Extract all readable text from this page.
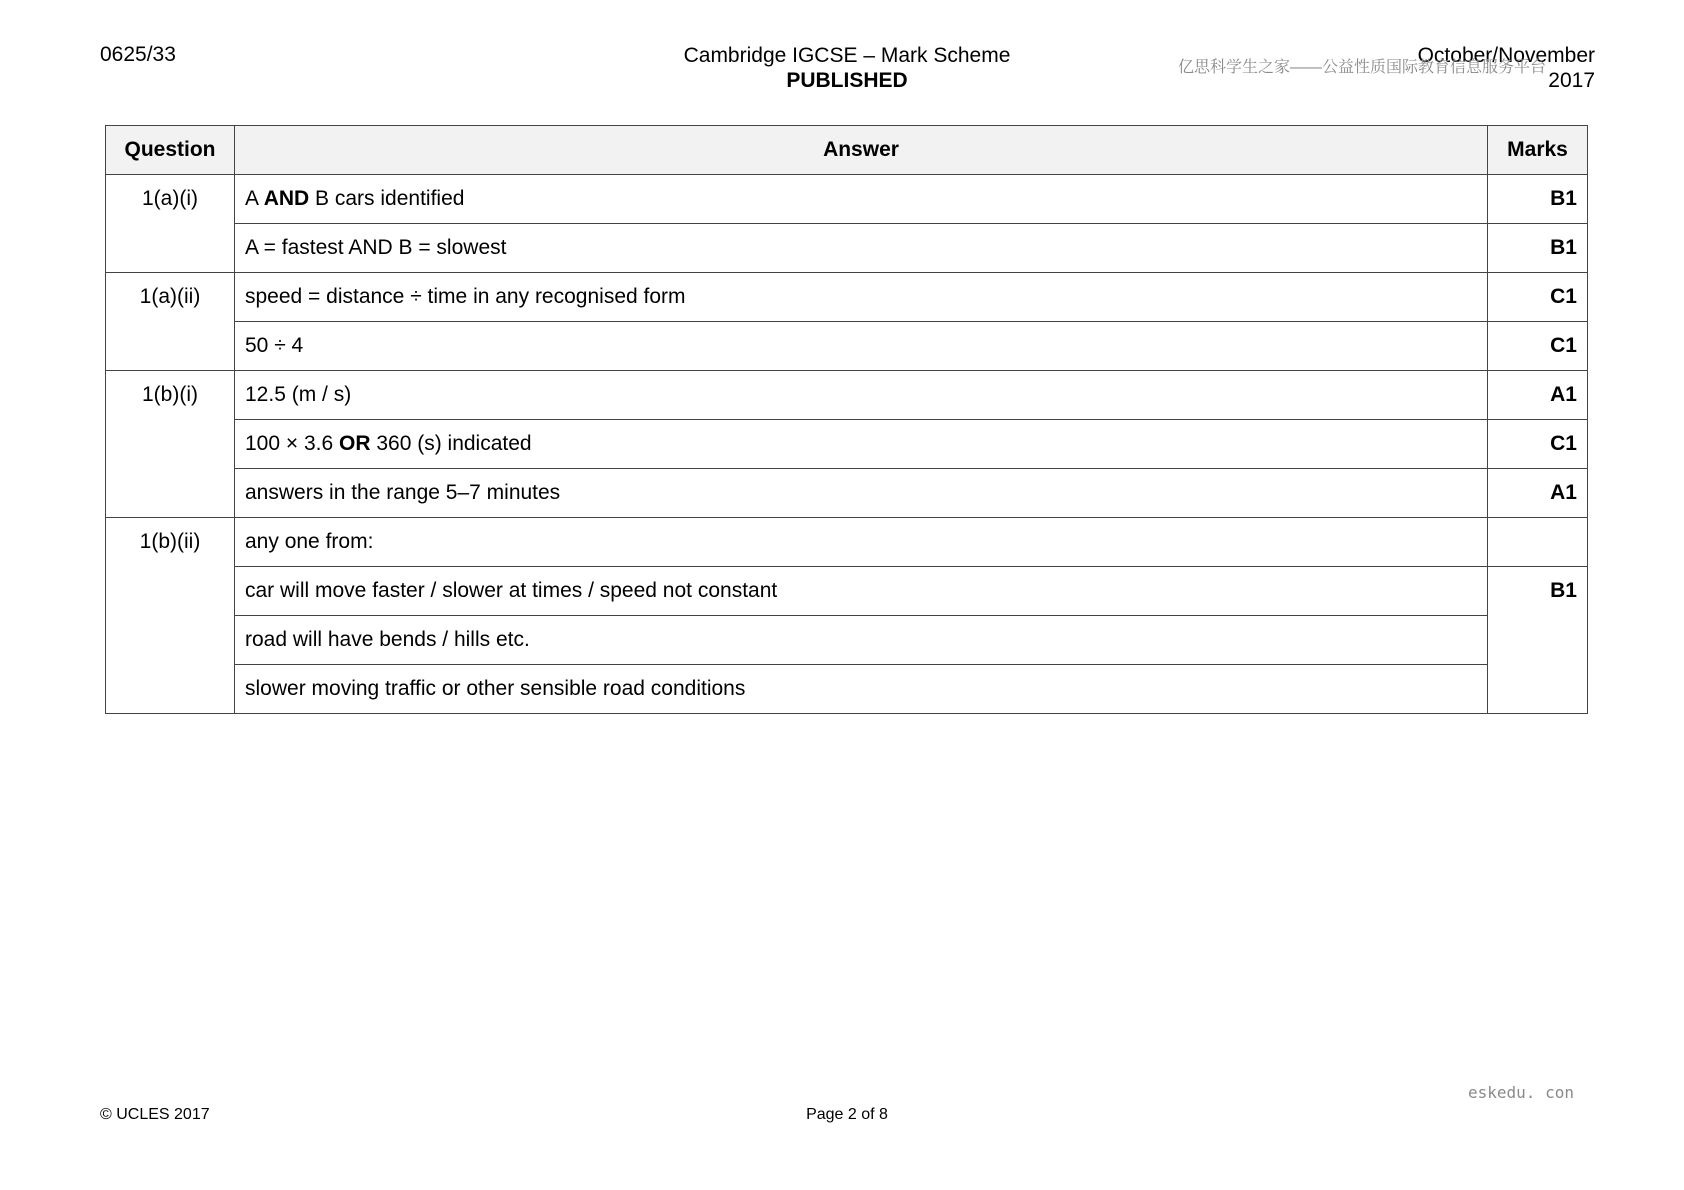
0625/33	Cambridge IGCSE – Mark Scheme
PUBLISHED
October/November
2017
亿思科学生之家——公益性质国际教育信息服务平台
Question	Answer	Marks
1(a)(i)	A AND B cars identified	B1
	A = fastest AND B = slowest	B1
1(a)(ii)	speed = distance ÷ time in any recognised form	C1
	50 ÷ 4	C1
1(b)(i)	12.5 (m / s)	A1
	100 × 3.6 OR 360 (s) indicated	C1
	answers in the range 5–7 minutes	A1
1(b)(ii)	any one from:	
	car will move faster / slower at times / speed not constant	B1
	road will have bends / hills etc.	
	slower moving traffic or other sensible road conditions	
© UCLES 2017	Page 2 of 8
eskedu. con
